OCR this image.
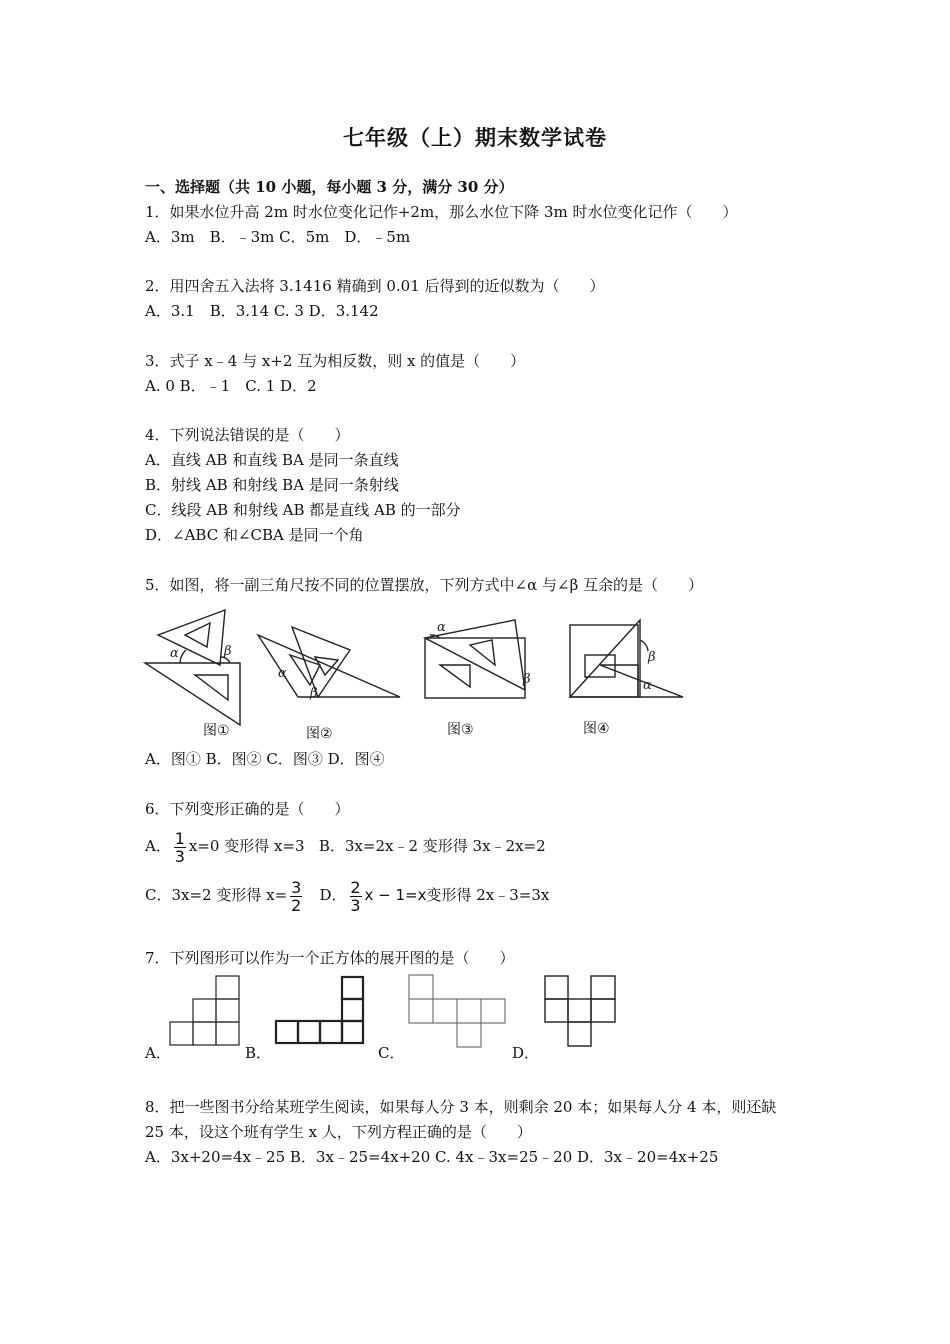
七年级（上）期末数学试卷
一、选择题（共 10 小题，每小题 3 分，满分 30 分）
1．如果水位升高 2m 时水位变化记作+2m，那么水位下降 3m 时水位变化记作（　　）
A．3m　B．﹣3m C．5m　D．﹣5m
2．用四舍五入法将 3.1416 精确到 0.01 后得到的近似数为（　　）
A．3.1　B．3.14 C. 3 D．3.142
3．式子 x﹣4 与 x+2 互为相反数，则 x 的值是（　　）
A. 0 B．﹣1　C. 1 D．2
4．下列说法错误的是（　　）
A．直线 AB 和直线 BA 是同一条直线
B．射线 AB 和射线 BA 是同一条射线
C．线段 AB 和射线 AB 都是直线 AB 的一部分
D．∠ABC 和∠CBA 是同一个角
5．如图，将一副三角尺按不同的位置摆放，下列方式中∠α 与∠β 互余的是（　　）
α	β
α
β
α
β
β
α
图①	图②	图③	图④
A．图① B．图② C．图③ D．图④
6．下列变形正确的是（　　）
A． $\frac{1}{3} x=0$ 变形得 x=3 B．3x=2x﹣2 变形得 3x﹣2x=2
C．3x=2 变形得 $x= \frac{3}{2}$ D． $\frac{2}{3}$ x − 1=x变形得 2x﹣3=3x
7．下列图形可以作为一个正方体的展开图的是（　　）
A．	B．	C．	D．
8．把一些图书分给某班学生阅读，如果每人分 3 本，则剩余 20 本；如果每人分 4 本，则还缺
25 本，设这个班有学生 x 人，下列方程正确的是（　　）
A．3x+20=4x﹣25 B．3x﹣25=4x+20 C. 4x﹣3x=25﹣20 D．3x﹣20=4x+25
